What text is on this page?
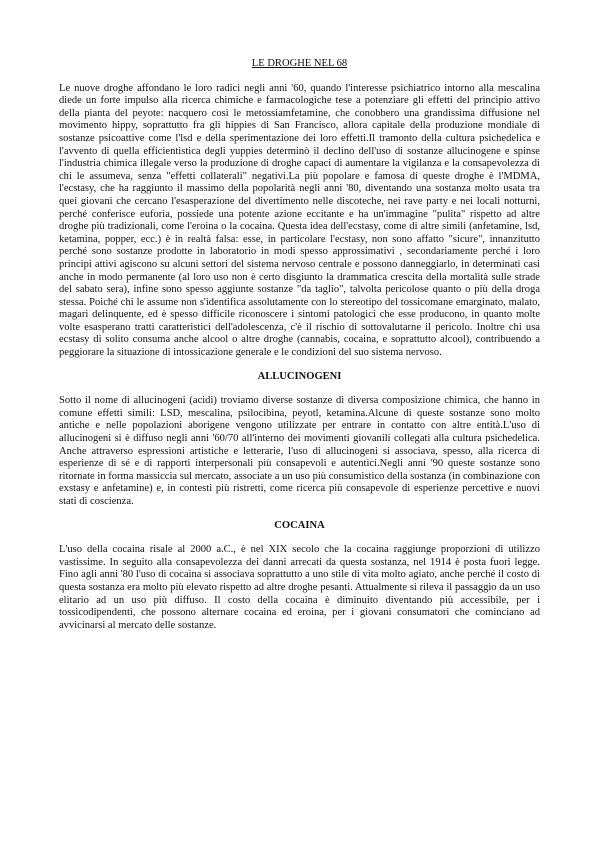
LE DROGHE NEL 68

Le nuove droghe affondano le loro radici negli anni '60, quando l'interesse psichiatrico intorno alla mescalina diede un forte impulso alla ricerca chimiche e farmacologiche tese a potenziare gli effetti del principio attivo della pianta del peyote: nacquero così le metossiamfetamine, che conobbero una grandissima diffusione nel movimento hippy, soprattutto fra gli hippies di San Francisco, allora capitale della produzione mondiale di sostanze psicoattive come l'lsd e della sperimentazione dei loro effetti.Il tramonto della cultura psichedelica e l'avvento di quella efficientistica degli yuppies determinò il declino dell'uso di sostanze allucinogene e spinse l'industria chimica illegale verso la produzione di droghe capaci di aumentare la vigilanza e la consapevolezza di chi le assumeva, senza "effetti collaterali" negativi.La più popolare e famosa di queste droghe è l'MDMA, l'ecstasy, che ha raggiunto il massimo della popolarità negli anni '80, diventando una sostanza molto usata tra quei giovani che cercano l'esasperazione del divertimento nelle discoteche, nei rave party e nei locali notturni, perché conferisce euforia, possiede una potente azione eccitante e ha un'immagine "pulita" rispetto ad altre droghe più tradizionali, come l'eroina o la cocaina. Questa idea dell'ecstasy, come di altre simili (anfetamine, lsd, ketamina, popper, ecc.) è in realtà falsa: esse, in particolare l'ecstasy, non sono affatto "sicure", innanzitutto perché sono sostanze prodotte in laboratorio in modi spesso approssimativi , secondariamente perché i loro principi attivi agiscono su alcuni settori del sistema nervoso centrale e possono danneggiarlo, in determinati casi anche in modo permanente (al loro uso non è certo disgiunto la drammatica crescita della mortalità sulle strade del sabato sera), infine sono spesso aggiunte sostanze "da taglio", talvolta pericolose quanto o più della droga stessa. Poiché chi le assume non s'identifica assolutamente con lo stereotipo del tossicomane emarginato, malato, magari delinquente, ed è spesso difficile riconoscere i sintomi patologici che esse producono, in quanto molte volte esasperano tratti caratteristici dell'adolescenza, c'è il rischio di sottovalutarne il pericolo. Inoltre chi usa ecstasy di solito consuma anche alcool o altre droghe (cannabis, cocaina, e soprattutto alcool), contribuendo a peggiorare la situazione di intossicazione generale e le condizioni del suo sistema nervoso.

ALLUCINOGENI

Sotto il nome di allucinogeni (acidi) troviamo diverse sostanze di diversa composizione chimica, che hanno in comune effetti simili: LSD, mescalina, psilocibina, peyotl, ketamina.Alcune di queste sostanze sono molto antiche e nelle popolazioni aborigene vengono utilizzate per entrare in contatto con altre entità.L'uso di allucinogeni si è diffuso negli anni '60/70 all'interno dei movimenti giovanili collegati alla cultura psichedelica. Anche attraverso espressioni artistiche e letterarie, l'uso di allucinogeni si associava, spesso, alla ricerca di esperienze di sé e di rapporti interpersonali più consapevoli e autentici.Negli anni '90 queste sostanze sono ritornate in forma massiccia sul mercato, associate a un uso più consumistico della sostanza (in combinazione con exstasy e anfetamine) e, in contesti più ristretti, come ricerca più consapevole di esperienze percettive e nuovi stati di coscienza.

COCAINA

L'uso della cocaina risale al 2000 a.C., è nel XIX secolo che la cocaina raggiunge proporzioni di utilizzo vastissime. In seguito alla consapevolezza dei danni arrecati da questa sostanza, nel 1914 è posta fuori legge. Fino agli anni '80 l'uso di cocaina si associava soprattutto a uno stile di vita molto agiato, anche perché il costo di questa sostanza era molto più elevato rispetto ad altre droghe pesanti. Attualmente si rileva il passaggio da un uso elitario ad un uso più diffuso. Il costo della cocaina è diminuito diventando più accessibile, per i tossicodipendenti, che possono alternare cocaina ed eroina, per i giovani consumatori che cominciano ad avvicinarsi al mercato delle sostanze.
